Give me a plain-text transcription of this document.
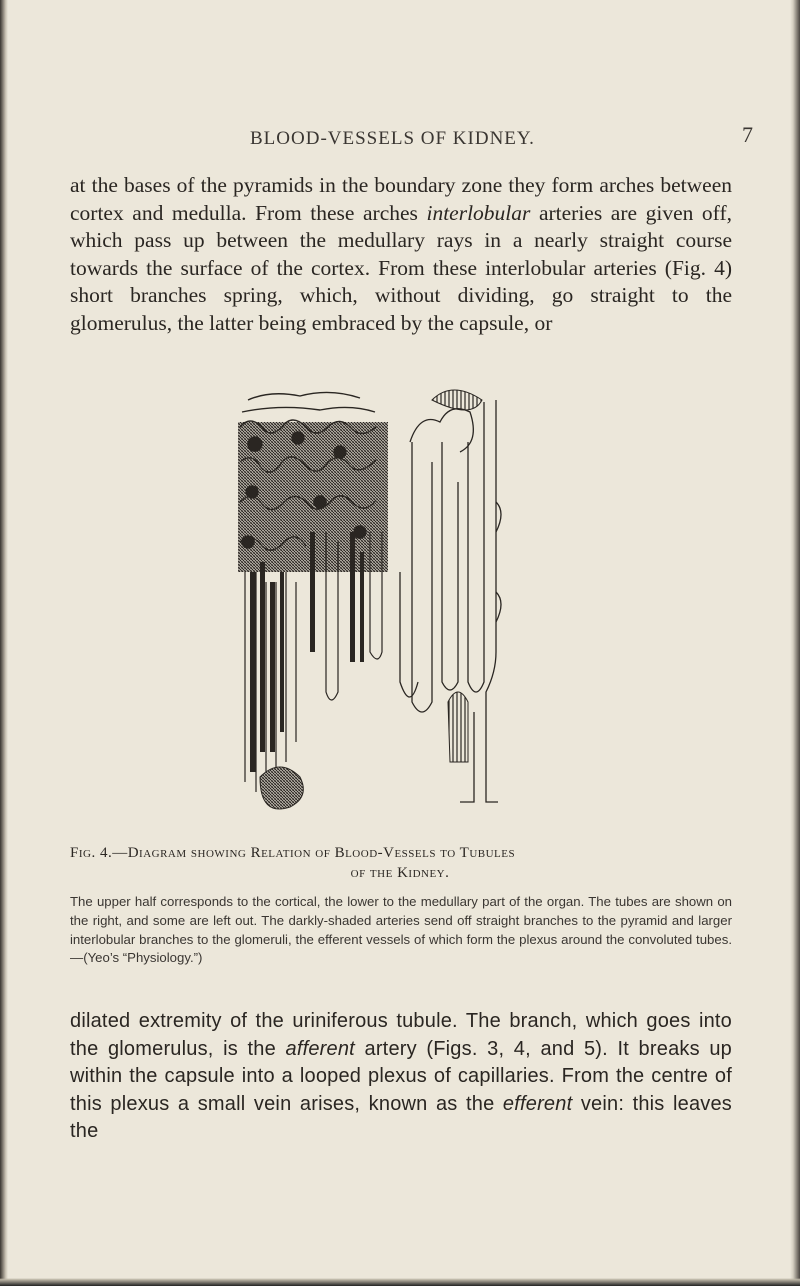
BLOOD-VESSELS OF KIDNEY.	7

at the bases of the pyramids in the boundary zone they form arches between cortex and medulla. From these arches interlobular arteries are given off, which pass up between the medullary rays in a nearly straight course towards the surface of the cortex. From these interlobular arteries (Fig. 4) short branches spring, which, without dividing, go straight to the
glomerulus, the latter being embraced by the capsule, or

Fig. 4.—Diagram showing Relation of Blood-Vessels to Tubules
of the Kidney.

The upper half corresponds to the cortical, the lower to the medullary part of the organ. The tubes are shown on the right, and some are left out. The darkly-shaded arteries send off straight branches to the pyramid and larger interlobular branches to the glomeruli, the efferent vessels of which form the plexus around the convoluted tubes.—(Yeo’s “Physiology.”)

dilated extremity of the uriniferous tubule. The branch, which goes into the glomerulus, is the afferent artery (Figs. 3, 4, and 5). It breaks up within the capsule into a looped plexus of capillaries. From the centre of this plexus a small vein arises, known as the efferent vein: this leaves the
